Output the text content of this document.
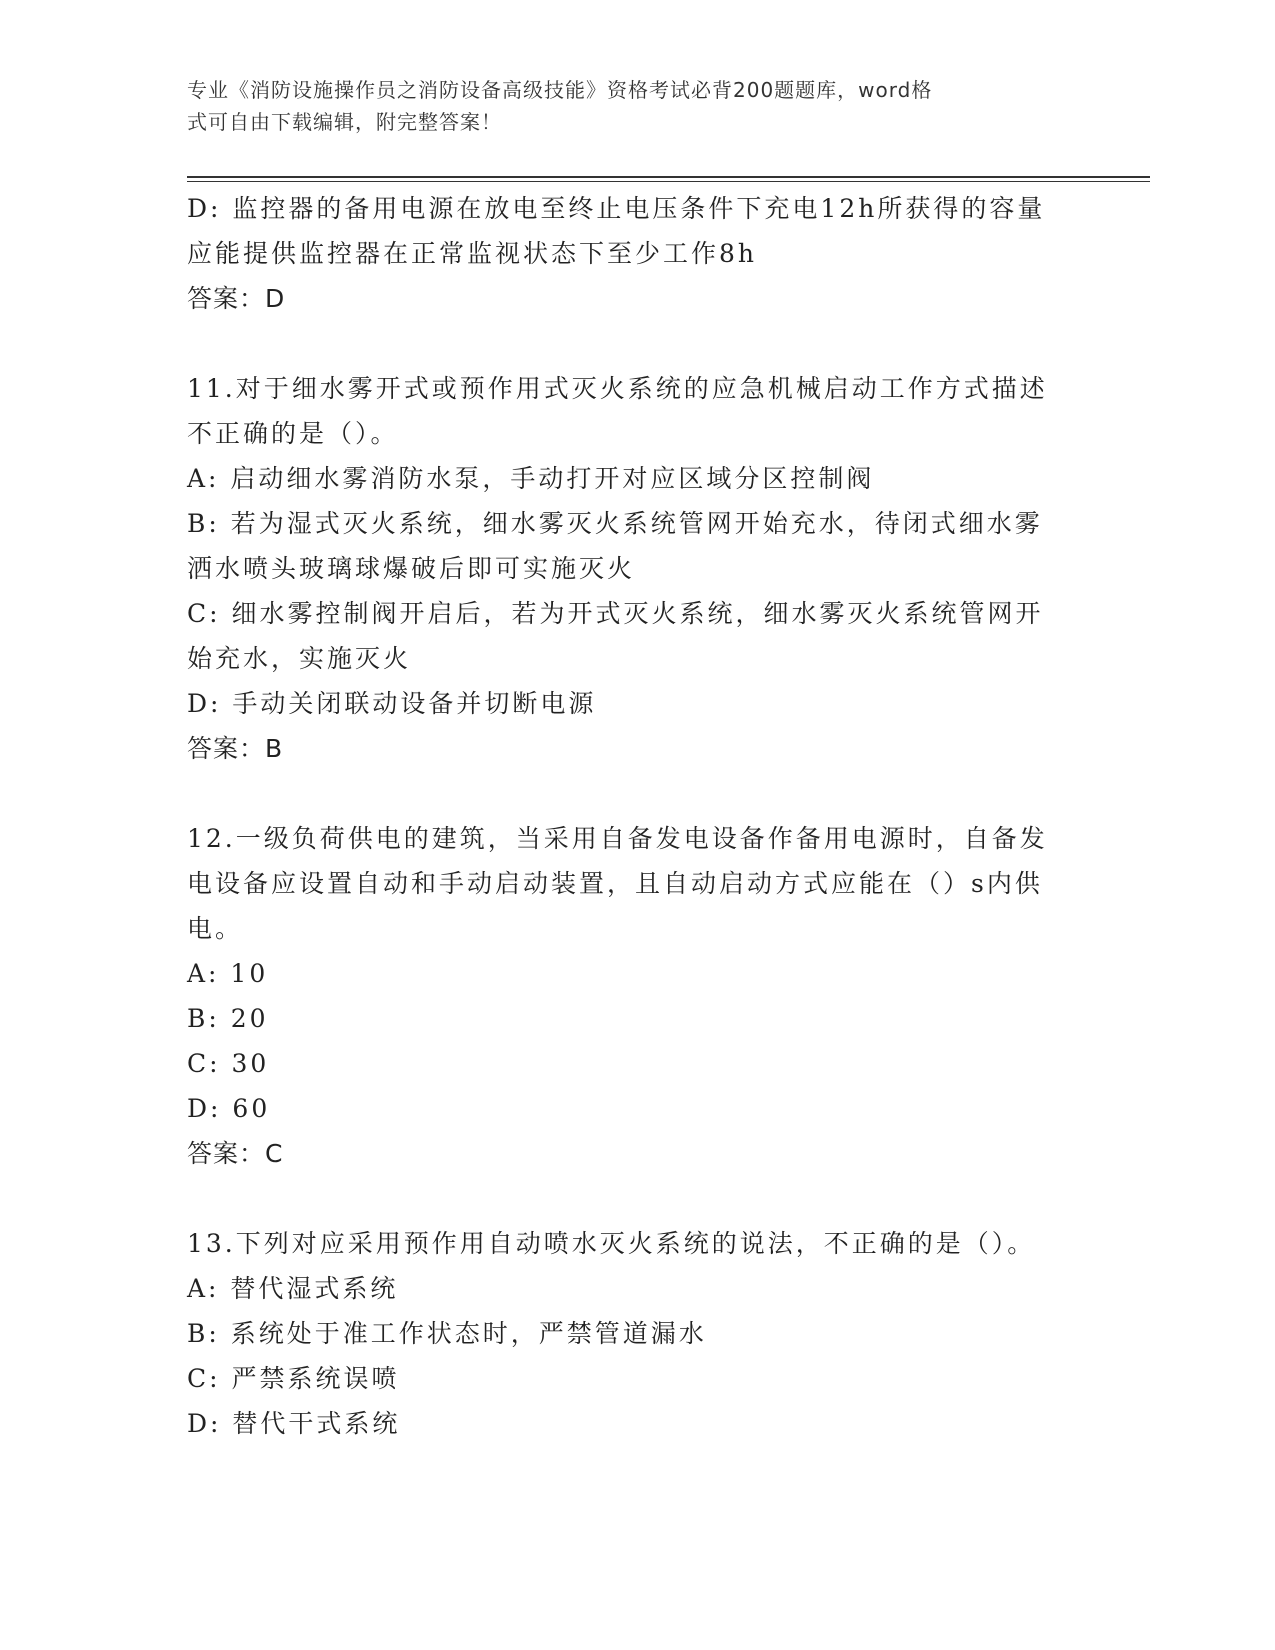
专业《消防设施操作员之消防设备高级技能》资格考试必背200题题库，word格
式可自由下载编辑，附完整答案！
D: 监控器的备用电源在放电至终止电压条件下充电12h所获得的容量
应能提供监控器在正常监视状态下至少工作8h
答案：D
11.对于细水雾开式或预作用式灭火系统的应急机械启动工作方式描述
不正确的是（）。
A: 启动细水雾消防水泵，手动打开对应区域分区控制阀
B: 若为湿式灭火系统，细水雾灭火系统管网开始充水，待闭式细水雾
洒水喷头玻璃球爆破后即可实施灭火
C: 细水雾控制阀开启后，若为开式灭火系统，细水雾灭火系统管网开
始充水，实施灭火
D: 手动关闭联动设备并切断电源
答案：B
12.一级负荷供电的建筑，当采用自备发电设备作备用电源时，自备发
电设备应设置自动和手动启动装置，且自动启动方式应能在（）s内供
电。
A: 10
B: 20
C: 30
D: 60
答案：C
13.下列对应采用预作用自动喷水灭火系统的说法，不正确的是（）。
A: 替代湿式系统
B: 系统处于准工作状态时，严禁管道漏水
C: 严禁系统误喷
D: 替代干式系统
